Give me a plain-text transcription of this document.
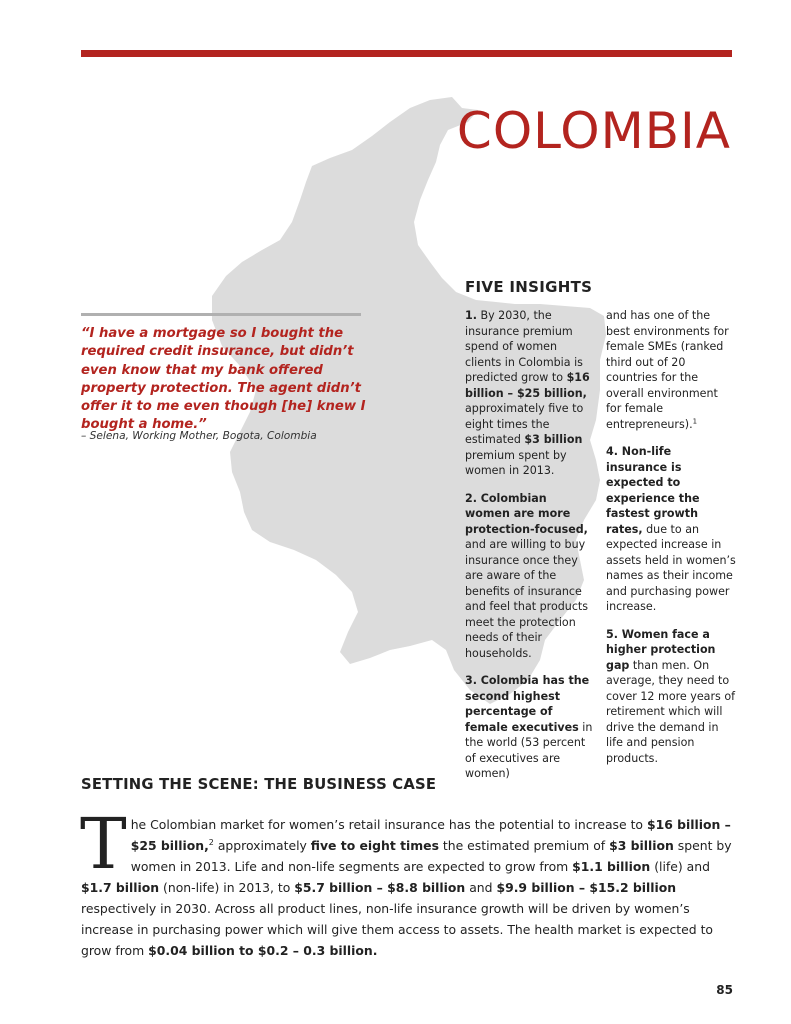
COLOMBIA
FIVE INSIGHTS

1. By 2030, the insurance premium spend of women clients in Colombia is predicted grow to $16 billion – $25 billion, approximately five to eight times the estimated $3 billion premium spent by women in 2013.

2. Colombian women are more protection-focused, and are willing to buy insurance once they are aware of the benefits of insurance and feel that products meet the protection needs of their households.

3. Colombia has the second highest percentage of female executives in the world (53 percent of executives are women)

and has one of the best environments for female SMEs (ranked third out of 20 countries for the overall environment for female entrepreneurs).$^1$

4. Non-life insurance is expected to experience the fastest growth rates, due to an expected increase in assets held in women’s names as their income and purchasing power increase.

5. Women face a higher protection gap than men. On average, they need to cover 12 more years of retirement which will drive the demand in life and pension products.

“I have a mortgage so I bought the required credit insurance, but didn’t even know that my bank offered property protection. The agent didn’t offer it to me even though [he] knew I bought a home.”

– Selena, Working Mother, Bogota, Colombia

SETTING THE SCENE: THE BUSINESS CASE

The Colombian market for women’s retail insurance has the potential to increase to $16 billion – $25 billion,$^2$ approximately five to eight times the estimated premium of $3 billion spent by women in 2013. Life and non-life segments are expected to grow from $1.1 billion (life) and $1.7 billion (non-life) in 2013, to $5.7 billion – $8.8 billion and $9.9 billion – $15.2 billion respectively in 2030. Across all product lines, non-life insurance growth will be driven by women’s increase in purchasing power which will give them access to assets. The health market is expected to grow from $0.04 billion to $0.2 – 0.3 billion.

85
